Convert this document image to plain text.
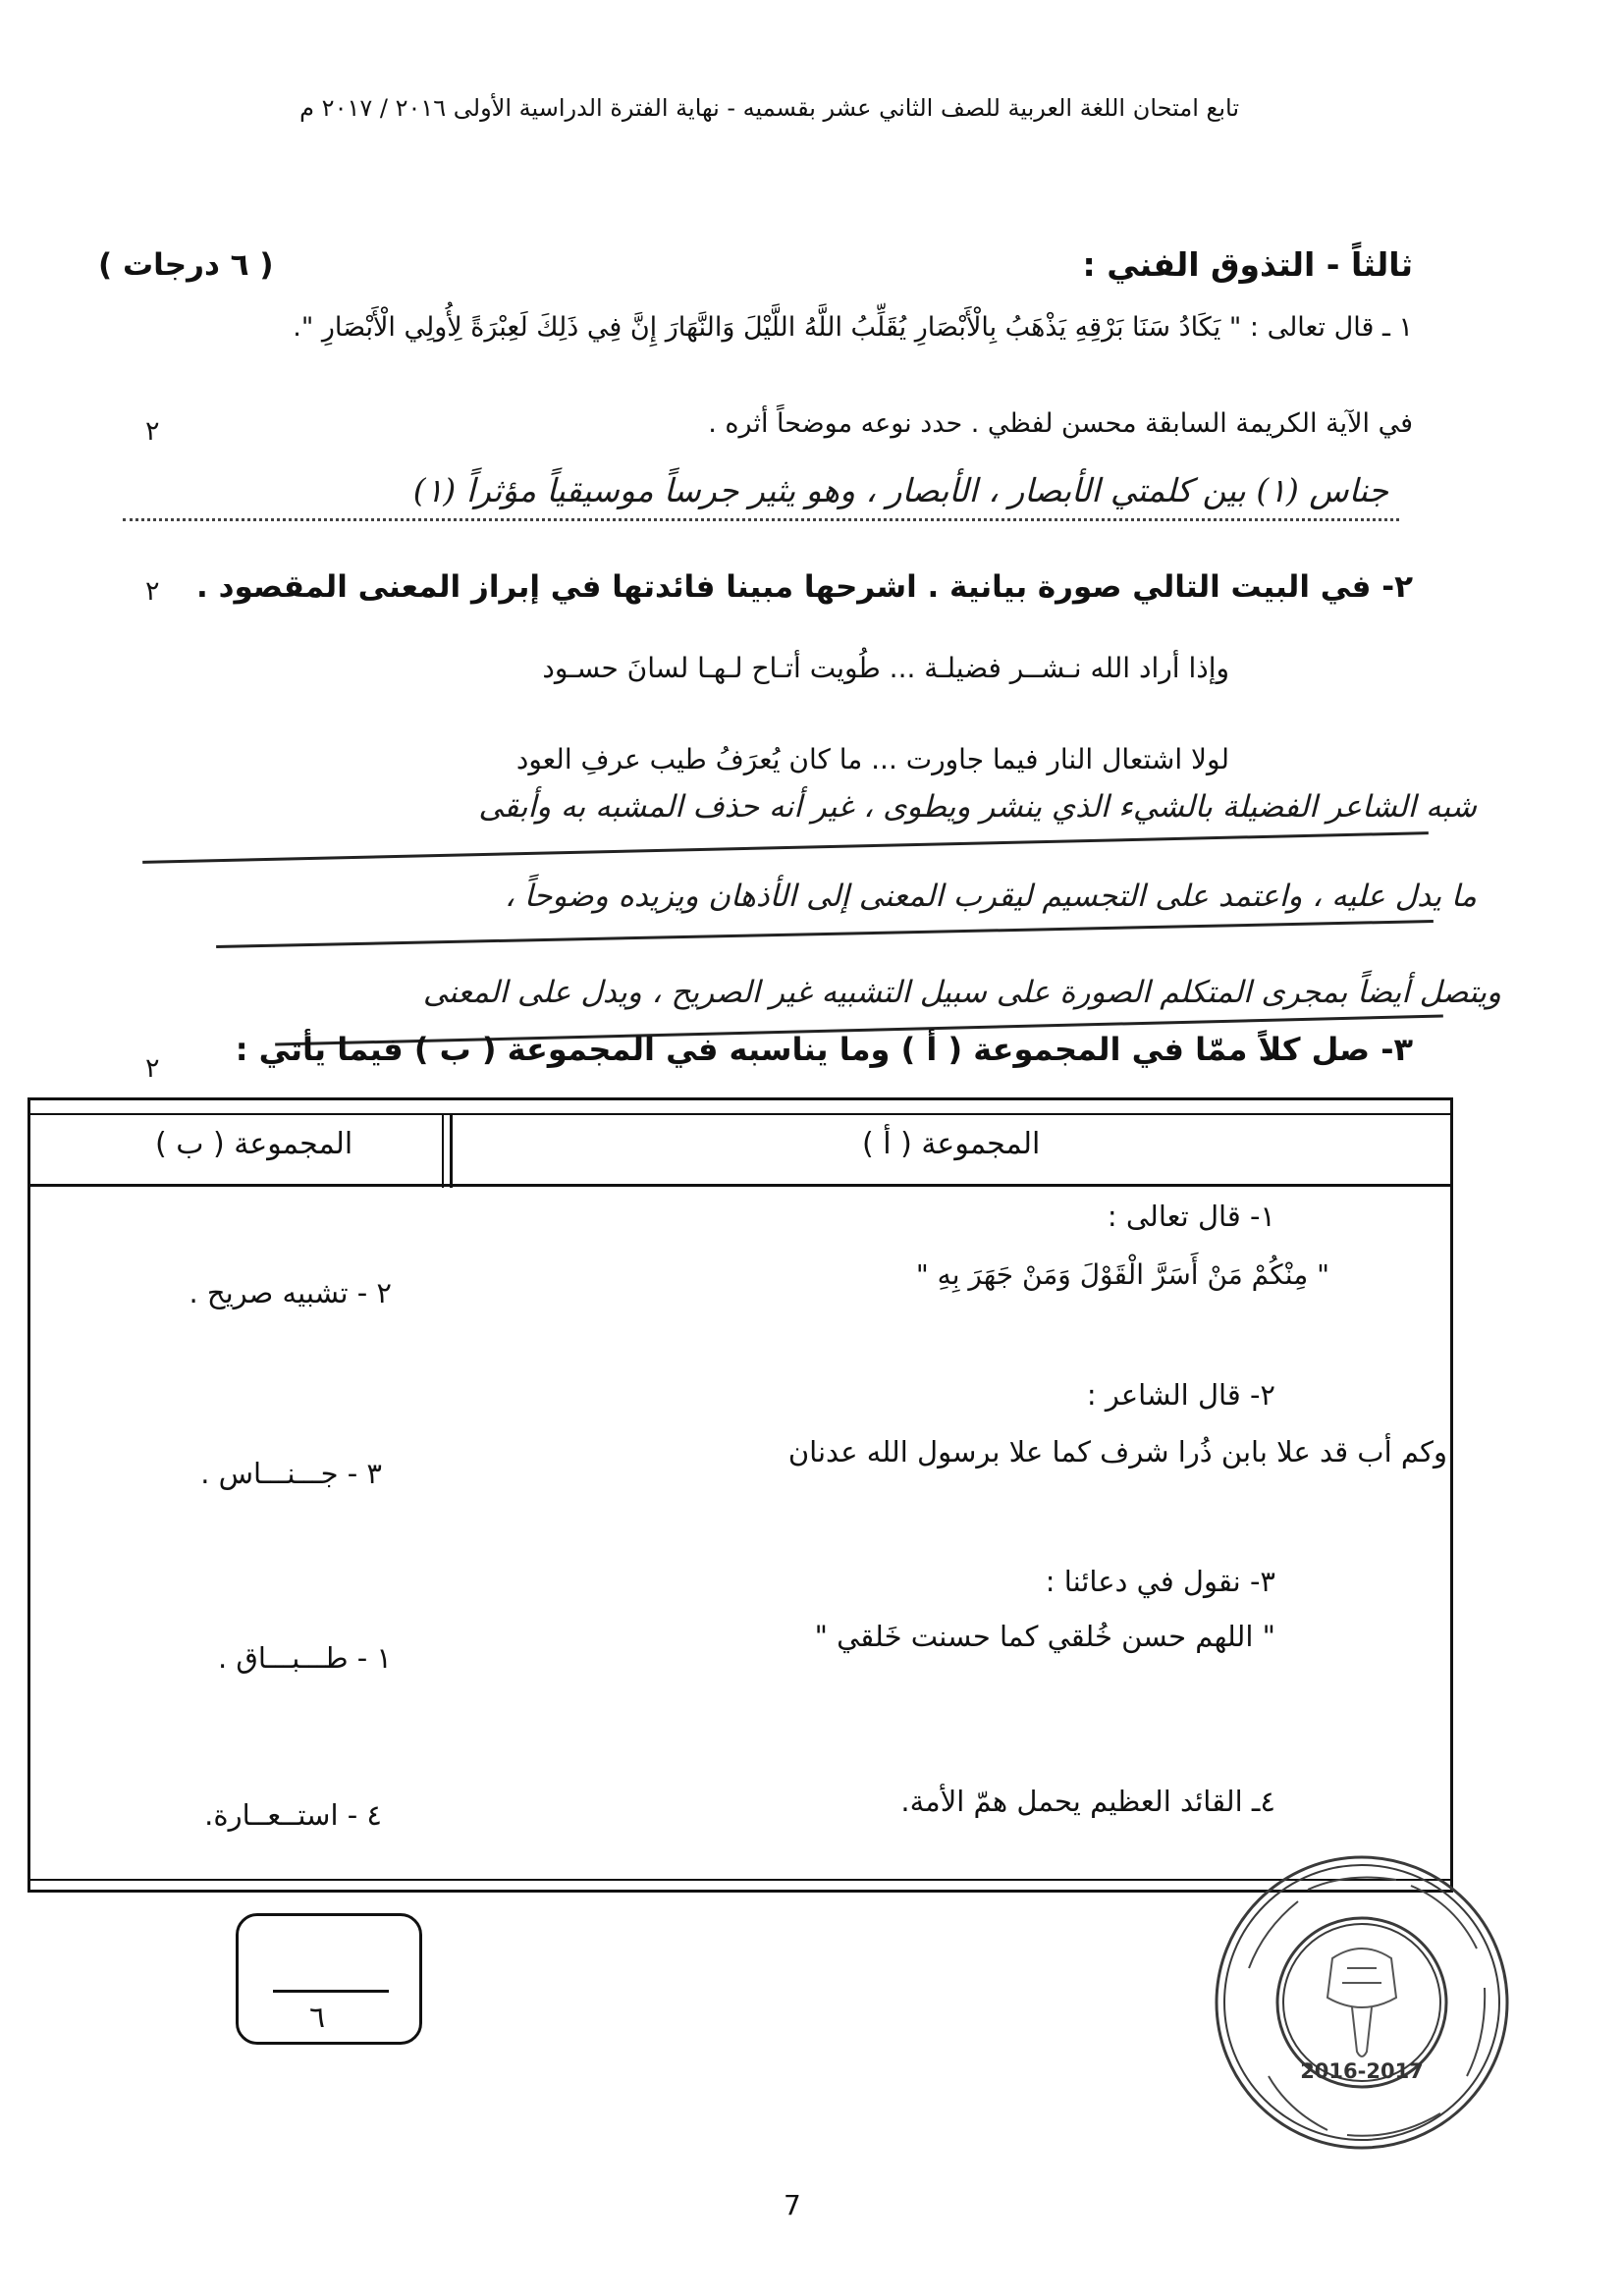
تابع امتحان اللغة العربية للصف الثاني عشر بقسميه - نهاية الفترة الدراسية الأولى ٢٠١٦ / ٢٠١٧ م
ثالثاً - التذوق الفني :
( ٦ درجات )
١ ـ قال تعالى : " يَكَادُ سَنَا بَرْقِهِ يَذْهَبُ بِالْأَبْصَارِ يُقَلِّبُ اللَّهُ اللَّيْلَ وَالنَّهَارَ إِنَّ فِي ذَلِكَ لَعِبْرَةً لِأُولِي الْأَبْصَارِ ".
في الآية الكريمة السابقة محسن لفظي . حدد نوعه موضحاً أثره .
٢
جناس (١) بين كلمتي الأبصار ، الأبصار ، وهو يثير جرساً موسيقياً مؤثراً (١)
٢- في البيت التالي صورة بيانية . اشرحها مبينا فائدتها في إبراز المعنى المقصود .
٢
وإذا أراد الله نـشــر فضيلـة ... طُويت أتـاح لـهـا لسانَ حسـود
لولا اشتعال النار فيما جاورت ... ما كان يُعرَفُ طيب عرفِ العود
شبه الشاعر الفضيلة بالشيء الذي ينشر ويطوى ، غير أنه حذف المشبه به وأبقى
ما يدل عليه ، واعتمد على التجسيم ليقرب المعنى إلى الأذهان ويزيده وضوحاً ،
ويتصل أيضاً بمجرى المتكلم الصورة على سبيل التشبيه غير الصريح ، ويدل على المعنى
٣- صل كلاً ممّا في المجموعة ( أ ) وما يناسبه في المجموعة ( ب ) فيما يأتي :
٢
المجموعة ( ب )	المجموعة ( أ )
١- قال تعالى :
" مِنْكُمْ مَنْ أَسَرَّ الْقَوْلَ وَمَنْ جَهَرَ بِهِ "
٢- قال الشاعر :
وكم أب قد علا بابن ذُرا شرف كما علا برسول الله عدنان
٣- نقول في دعائنا :
" اللهم حسن خُلقي كما حسنت خَلقي "
٤ـ القائد العظيم يحمل همّ الأمة.
٢ - تشبيه صريح .
٣ - جـــنـــاس .
١ - طـــبـــاق .
٤ - استــعــارة.
٦
7
2016-2017
